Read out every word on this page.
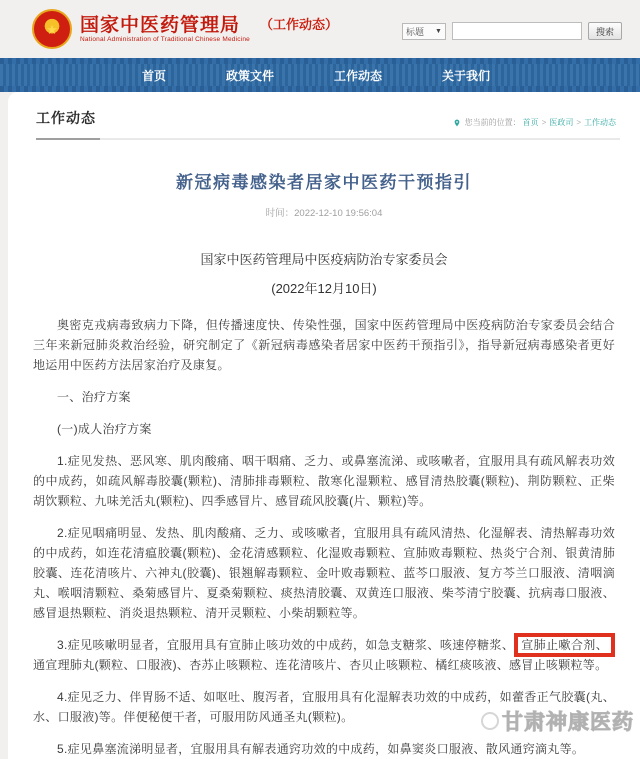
★
国家中医药管理局
National Administration of Traditional Chinese Medicine
（工作动态）	标题 ▼	搜索
首页	政策文件	工作动态	关于我们
工作动态	您当前的位置： 首页 > 医政司 > 工作动态
新冠病毒感染者居家中医药干预指引
时间：2022-12-10 19:56:04
国家中医药管理局中医疫病防治专家委员会
(2022年12月10日)

奥密克戎病毒致病力下降，但传播速度快、传染性强，国家中医药管理局中医疫病防治专家委员会结合三年来新冠肺炎救治经验，研究制定了《新冠病毒感染者居家中医药干预指引》，指导新冠病毒感染者更好地运用中医药方法居家治疗及康复。

一、治疗方案

(一)成人治疗方案

1.症见发热、恶风寒、肌肉酸痛、咽干咽痛、乏力、或鼻塞流涕、或咳嗽者，宜服用具有疏风解表功效的中成药，如疏风解毒胶囊(颗粒)、清肺排毒颗粒、散寒化湿颗粒、感冒清热胶囊(颗粒)、荆防颗粒、正柴胡饮颗粒、九味羌活丸(颗粒)、四季感冒片、感冒疏风胶囊(片、颗粒)等。

2.症见咽痛明显、发热、肌肉酸痛、乏力、或咳嗽者，宜服用具有疏风清热、化湿解表、清热解毒功效的中成药，如连花清瘟胶囊(颗粒)、金花清感颗粒、化湿败毒颗粒、宣肺败毒颗粒、热炎宁合剂、银黄清肺胶囊、连花清咳片、六神丸(胶囊)、银翘解毒颗粒、金叶败毒颗粒、蓝芩口服液、复方芩兰口服液、清咽滴丸、喉咽清颗粒、桑菊感冒片、夏桑菊颗粒、痰热清胶囊、双黄连口服液、柴芩清宁胶囊、抗病毒口服液、感冒退热颗粒、消炎退热颗粒、清开灵颗粒、小柴胡颗粒等。

3.症见咳嗽明显者，宜服用具有宣肺止咳功效的中成药，如急支糖浆、咳速停糖浆、 宣肺止嗽合剂、通宣理肺丸(颗粒、口服液)、杏苏止咳颗粒、连花清咳片、杏贝止咳颗粒、橘红痰咳液、感冒止咳颗粒等。

4.症见乏力、伴胃肠不适、如呕吐、腹泻者，宜服用具有化湿解表功效的中成药，如藿香正气胶囊(丸、水、口服液)等。伴便秘便干者，可服用防风通圣丸(颗粒)。

5.症见鼻塞流涕明显者，宜服用具有解表通窍功效的中成药，如鼻窦炎口服液、散风通窍滴丸等。

甘肃神康医药
